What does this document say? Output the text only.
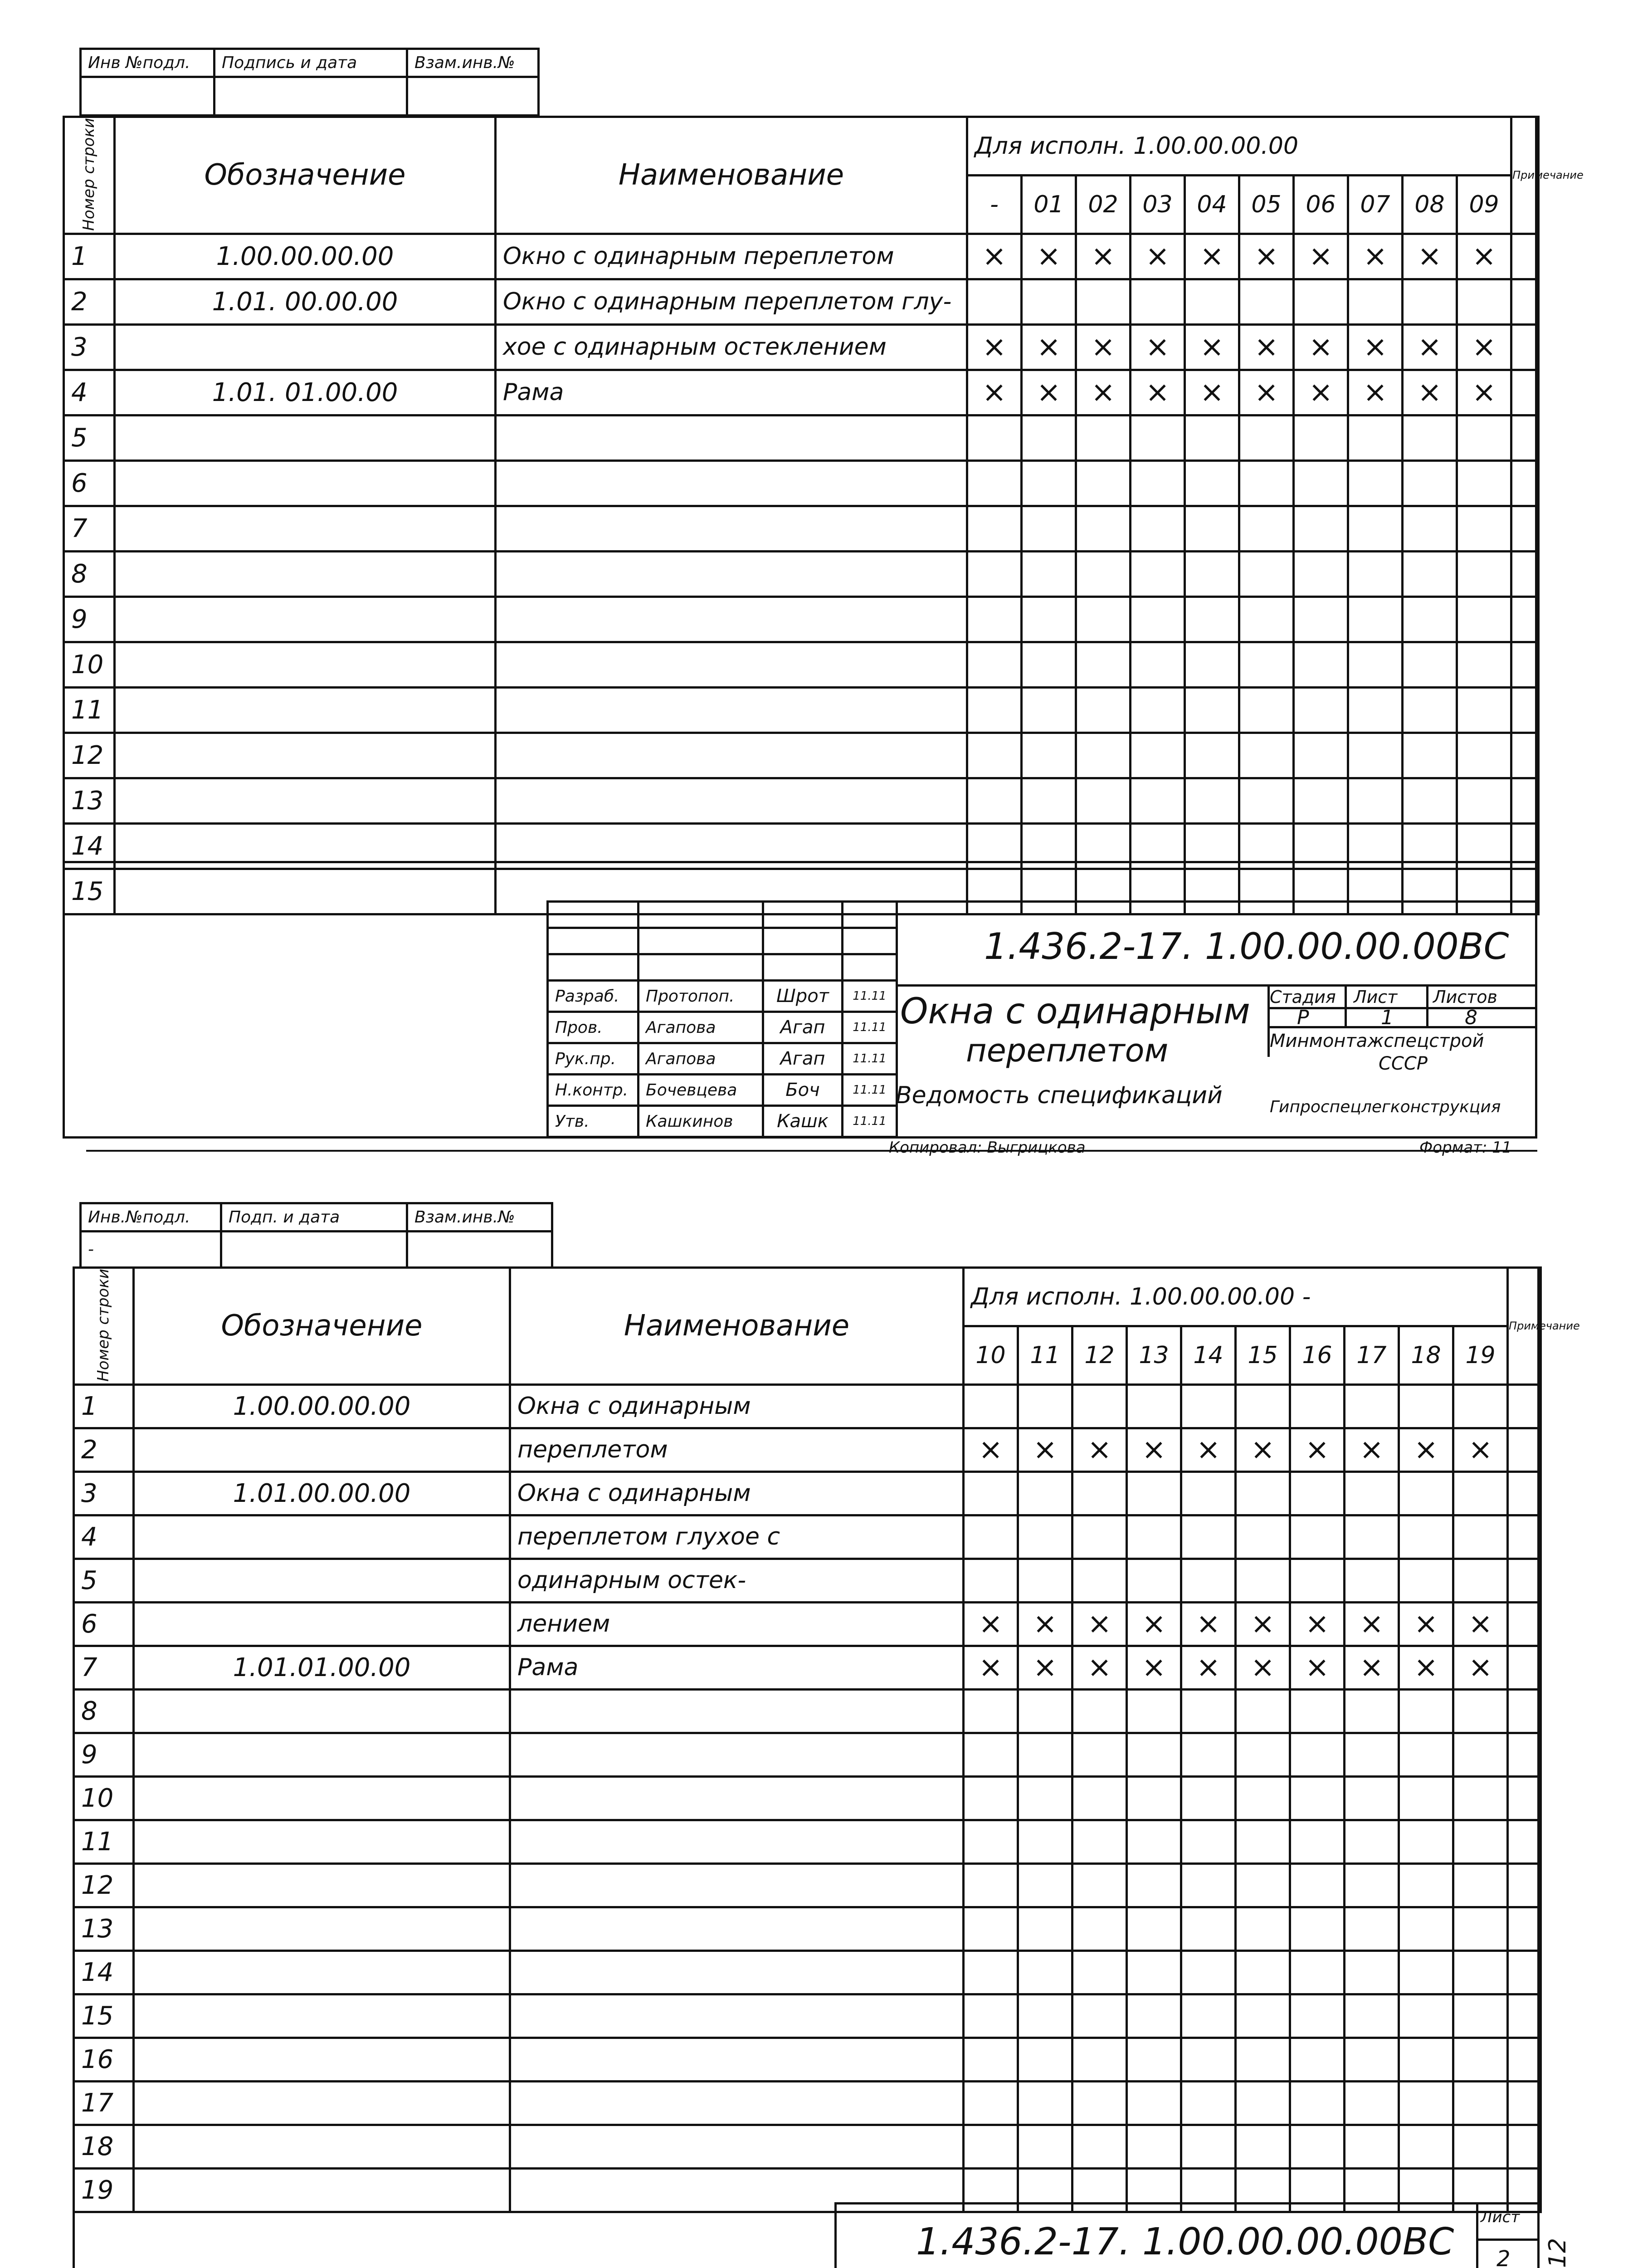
Инв №подл.	Подпись и дата	Взам.инв.№

Номер строки	Обозначение	Наименование	Для исполн. 1.00.00.00.00										Примечание
			-	01	02	03	04	05	06	07	08	09	
1	1.00.00.00.00	Окно с одинарным переплетом	×	×	×	×	×	×	×	×	×	×	
2	1.01. 00.00.00	Окно с одинарным переплетом глу-											
3		хое с одинарным остеклением	×	×	×	×	×	×	×	×	×	×	
4	1.01. 01.00.00	Рама	×	×	×	×	×	×	×	×	×	×	
5													
6													
7													
8													
9													
10													
11													
12													
13													
14													
15													

1.436.2-17. 1.00.00.00.00ВС
Разраб.	Протопоп.	Шрот	11.11
Пров.	Агапова	Агап	11.11
Рук.пр.	Агапова	Агап	11.11
Н.контр.	Бочевцева	Боч	11.11
Утв.	Кашкинов	Кашк	11.11
Окна с одинарным
переплетом
Ведомость спецификаций
Стадия Лист Листов
Р	1	8
Минмонтажспецстрой
СССР
Гипроспецлегконструкция
Копировал: Выгрицкова	Формат: 11
Инв.№подл.	Подп. и дата	Взам.инв.№
-		
Номер строки	Обозначение	Наименование	Для исполн. 1.00.00.00.00 -										Примечание
			10	11	12	13	14	15	16	17	18	19	
1	1.00.00.00.00	Окна с одинарным											
2		переплетом	×	×	×	×	×	×	×	×	×	×	
3	1.01.00.00.00	Окна с одинарным											
4		переплетом глухое с											
5		одинарным остек-											
6		лением	×	×	×	×	×	×	×	×	×	×	
7	1.01.01.00.00	Рама	×	×	×	×	×	×	×	×	×	×	
8													
9													
10													
11													
12													
13													
14													
15													
16													
17													
18													
19													
1.436.2-17. 1.00.00.00.00ВС
Лист
2 12
